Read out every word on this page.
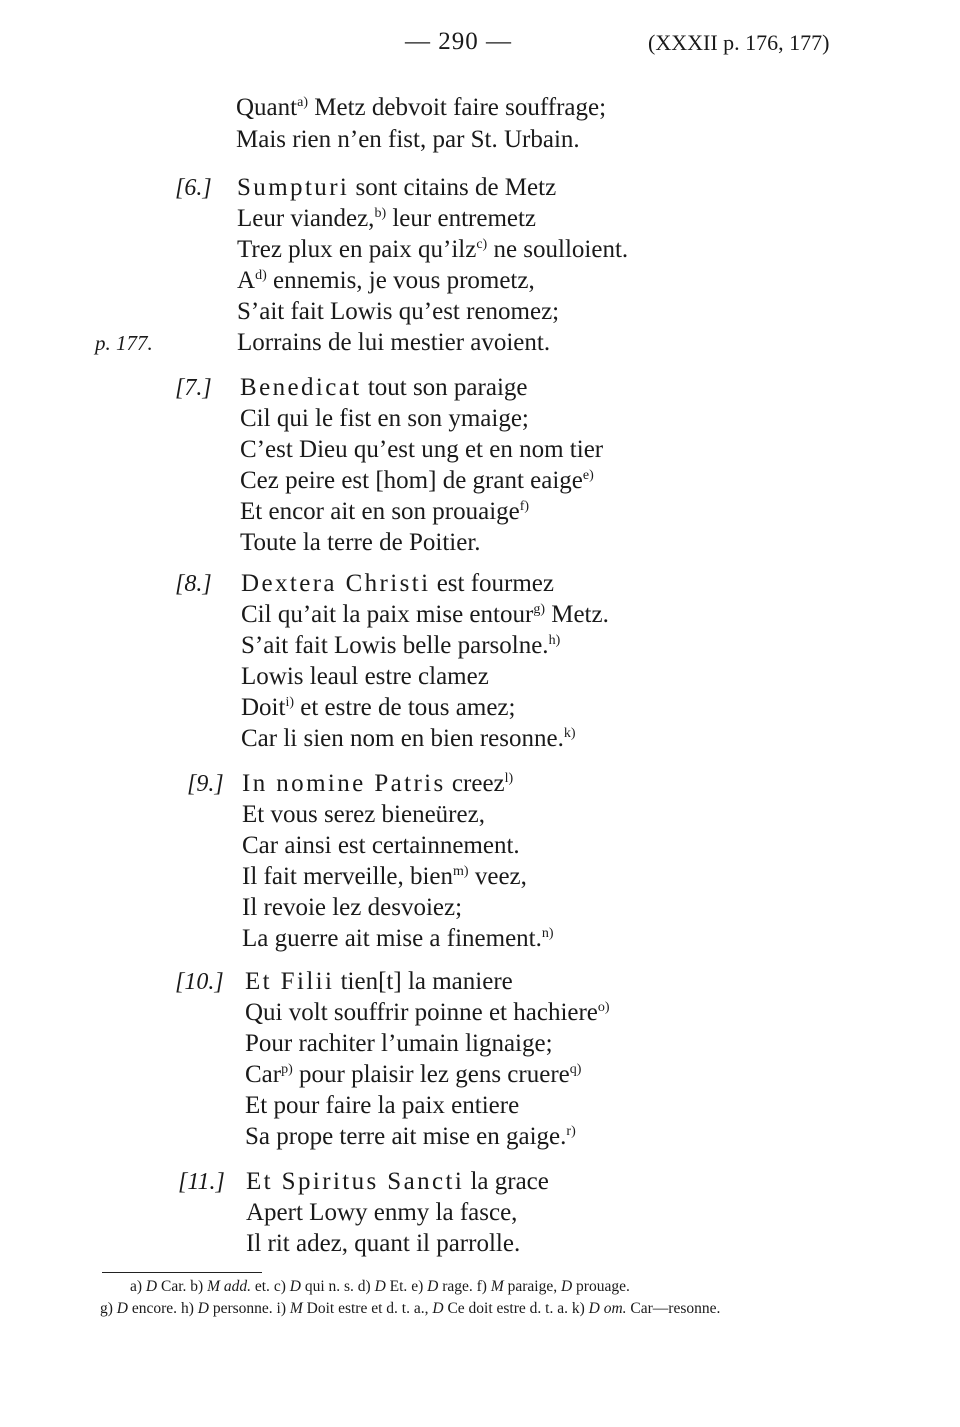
— 290 —	(XXXII p. 176, 177)
p. 177.
Quant$^{a)}$ Metz debvoit faire souffrage;
Mais rien n’en fist, par St. Urbain.
[6.] Sumpturi sont citains de Metz
Leur viandez,$^{b)}$ leur entremetz
Trez plux en paix qu’ilz$^{c)}$ ne soulloient.
$A^{d)}$ ennemis, je vous prometz,
S’ait fait Lowis qu’est renomez;
Lorrains de lui mestier avoient.
[7.] Benedicat tout son paraige
Cil qui le fist en son ymaige;
C’est Dieu qu’est ung et en nom tier
Cez peire est [hom] de grant eaige$^{e)}$
Et encor ait en son prouaige$^{f)}$
Toute la terre de Poitier.
[8.] Dextera Christi est fourmez
Cil qu’ait la paix mise entour$^{g)}$ Metz.
S’ait fait Lowis belle parsolne.$^{h)}$
Lowis leaul estre clamez
Doit$^{i)}$ et estre de tous amez;
Car li sien nom en bien resonne.$^{k)}$
[9.] In nomine Patris creez$^{l)}$
Et vous serez bieneürez,
Car ainsi est certainnement.
Il fait merveille, bien$^{m)}$ veez,
Il revoie lez desvoiez;
La guerre ait mise a finement.$^{n)}$
[10.] Et Filii tien[t] la maniere
Qui volt souffrir poinne et hachiere$^{o)}$
Pour rachiter l’umain lignaige;
Car$^{p)}$ pour plaisir lez gens cruere$^{q)}$
Et pour faire la paix entiere
Sa prope terre ait mise en gaige.$^{r)}$
[11.] Et Spiritus Sancti la grace
Apert Lowy enmy la fasce,
Il rit adez, quant il parrolle.
a) D Car. b) M add. et. c) D qui n. s. d) D Et. e) D rage. f) M paraige, D prouage.
g) D encore. h) D personne. i) M Doit estre et d. t. a., D Ce doit estre d. t. a. k) D om. Car—resonne.
